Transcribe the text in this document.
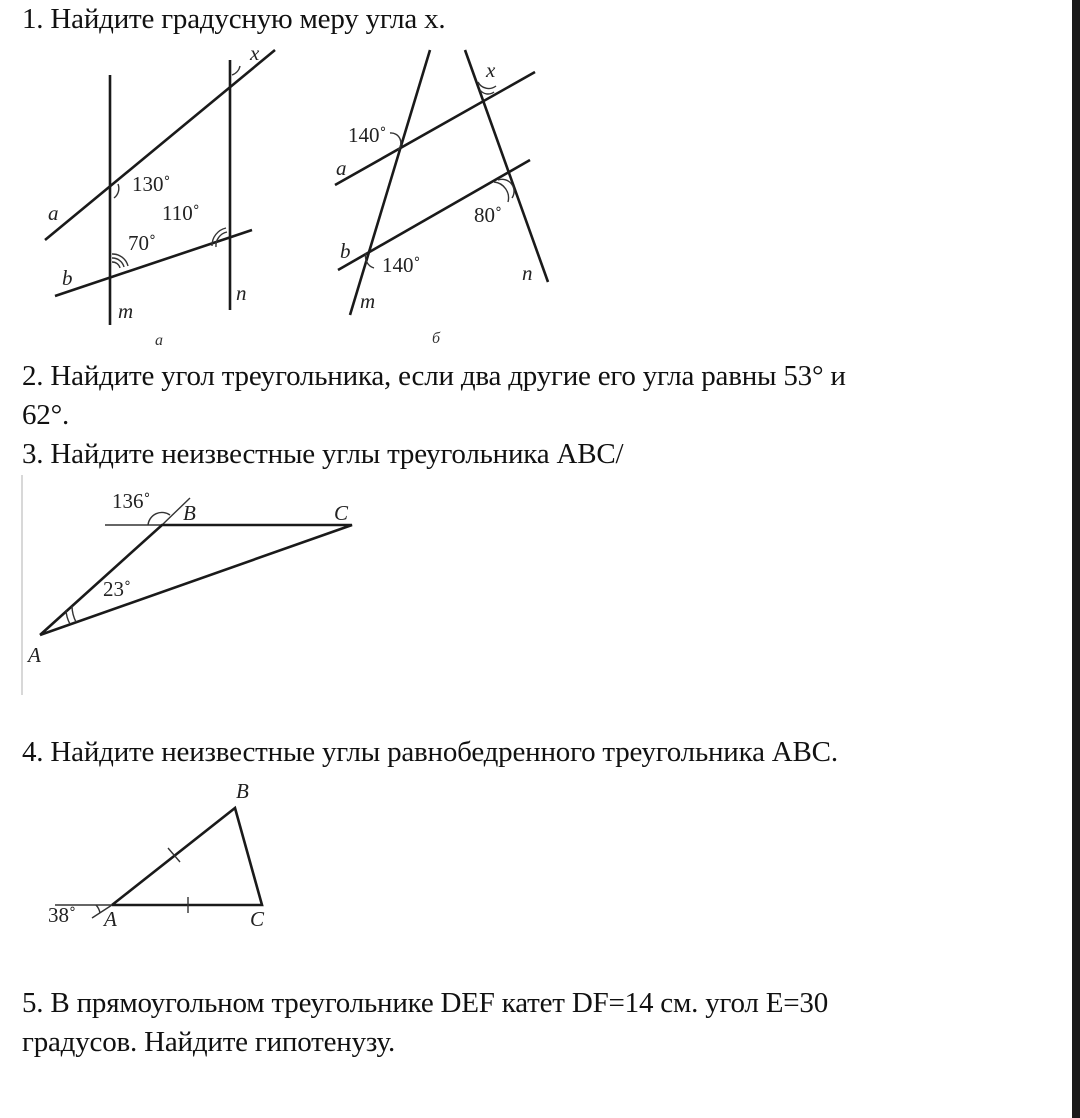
1. Найдите градусную меру угла x.

x
a
b
m
n
130˚
110˚
70˚
а
x
a
b
m
n
140˚
80˚
140˚
б

2. Найдите угол треугольника, если два другие его угла равны 53° и

62°.

3. Найдите неизвестные углы треугольника ABC/

136˚
23˚
B	C
A

4. Найдите неизвестные углы равнобедренного треугольника ABC.

38˚ A
B
C

5. В прямоугольном треугольнике DEF катет DF=14 см. угол E=30

градусов. Найдите гипотенузу.
